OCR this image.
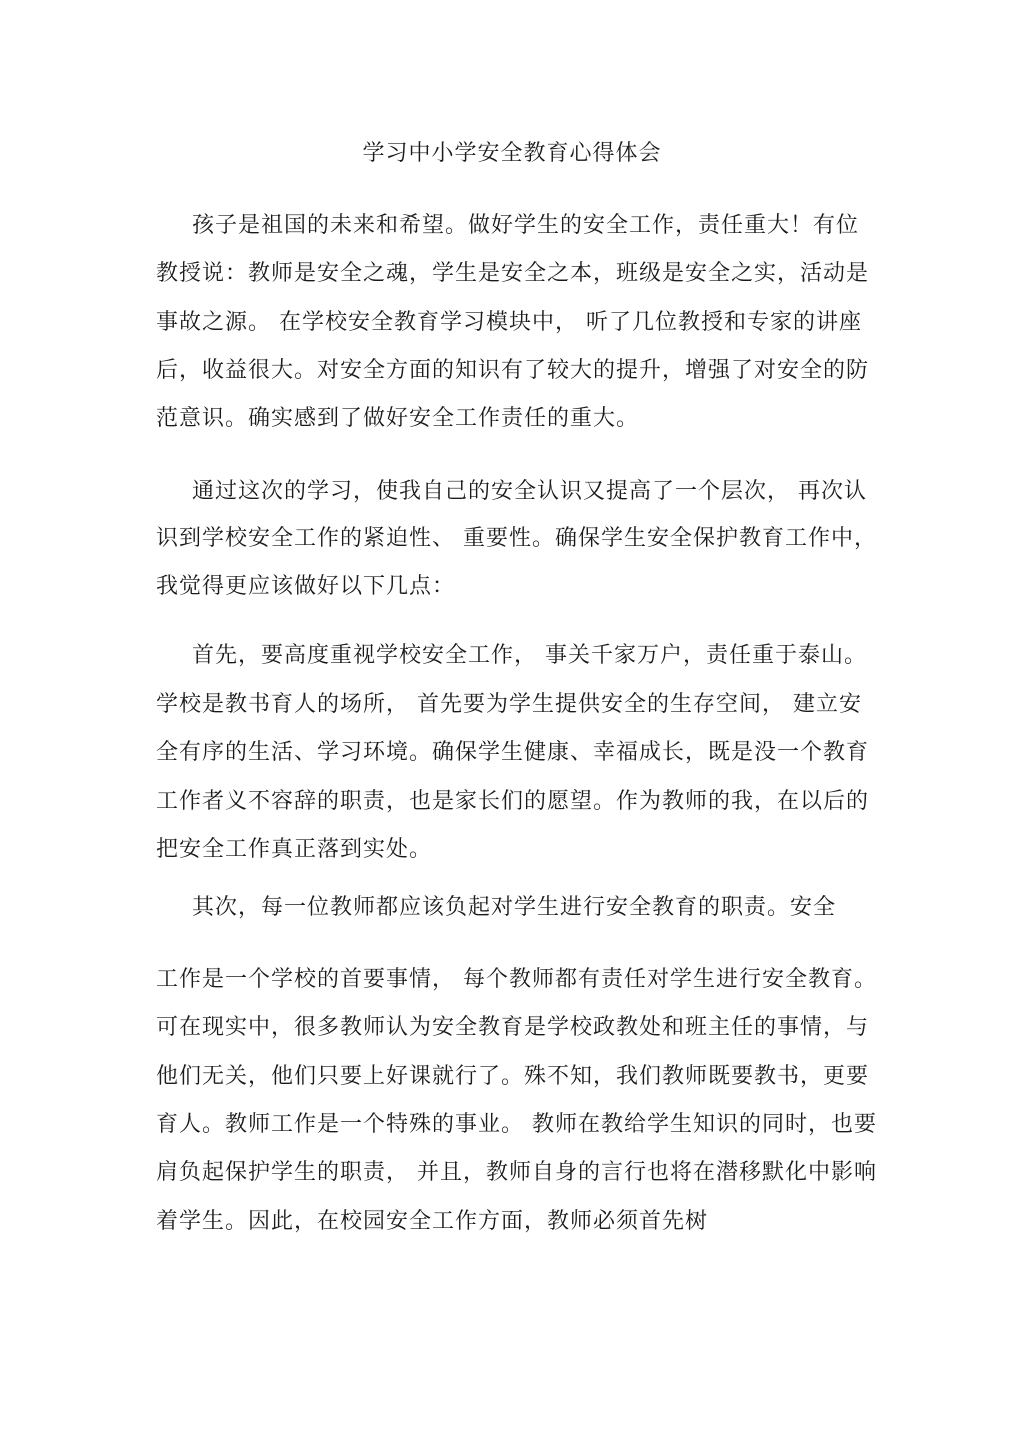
学习中小学安全教育心得体会

孩子是祖国的未来和希望。做好学生的安全工作，责任重大！有位

教授说：教师是安全之魂，学生是安全之本，班级是安全之实，活动是

事故之源。 在学校安全教育学习模块中， 听了几位教授和专家的讲座

后，收益很大。对安全方面的知识有了较大的提升，增强了对安全的防

范意识。确实感到了做好安全工作责任的重大。

通过这次的学习，使我自己的安全认识又提高了一个层次， 再次认

识到学校安全工作的紧迫性、 重要性。确保学生安全保护教育工作中，

我觉得更应该做好以下几点：

首先，要高度重视学校安全工作， 事关千家万户，责任重于泰山。

学校是教书育人的场所， 首先要为学生提供安全的生存空间， 建立安

全有序的生活、学习环境。确保学生健康、幸福成长，既是没一个教育

工作者义不容辞的职责，也是家长们的愿望。作为教师的我，在以后的

把安全工作真正落到实处。

其次，每一位教师都应该负起对学生进行安全教育的职责。安全

工作是一个学校的首要事情， 每个教师都有责任对学生进行安全教育。

可在现实中，很多教师认为安全教育是学校政教处和班主任的事情，与

他们无关，他们只要上好课就行了。殊不知，我们教师既要教书，更要

育人。教师工作是一个特殊的事业。 教师在教给学生知识的同时，也要

肩负起保护学生的职责， 并且，教师自身的言行也将在潜移默化中影响

着学生。因此，在校园安全工作方面，教师必须首先树
